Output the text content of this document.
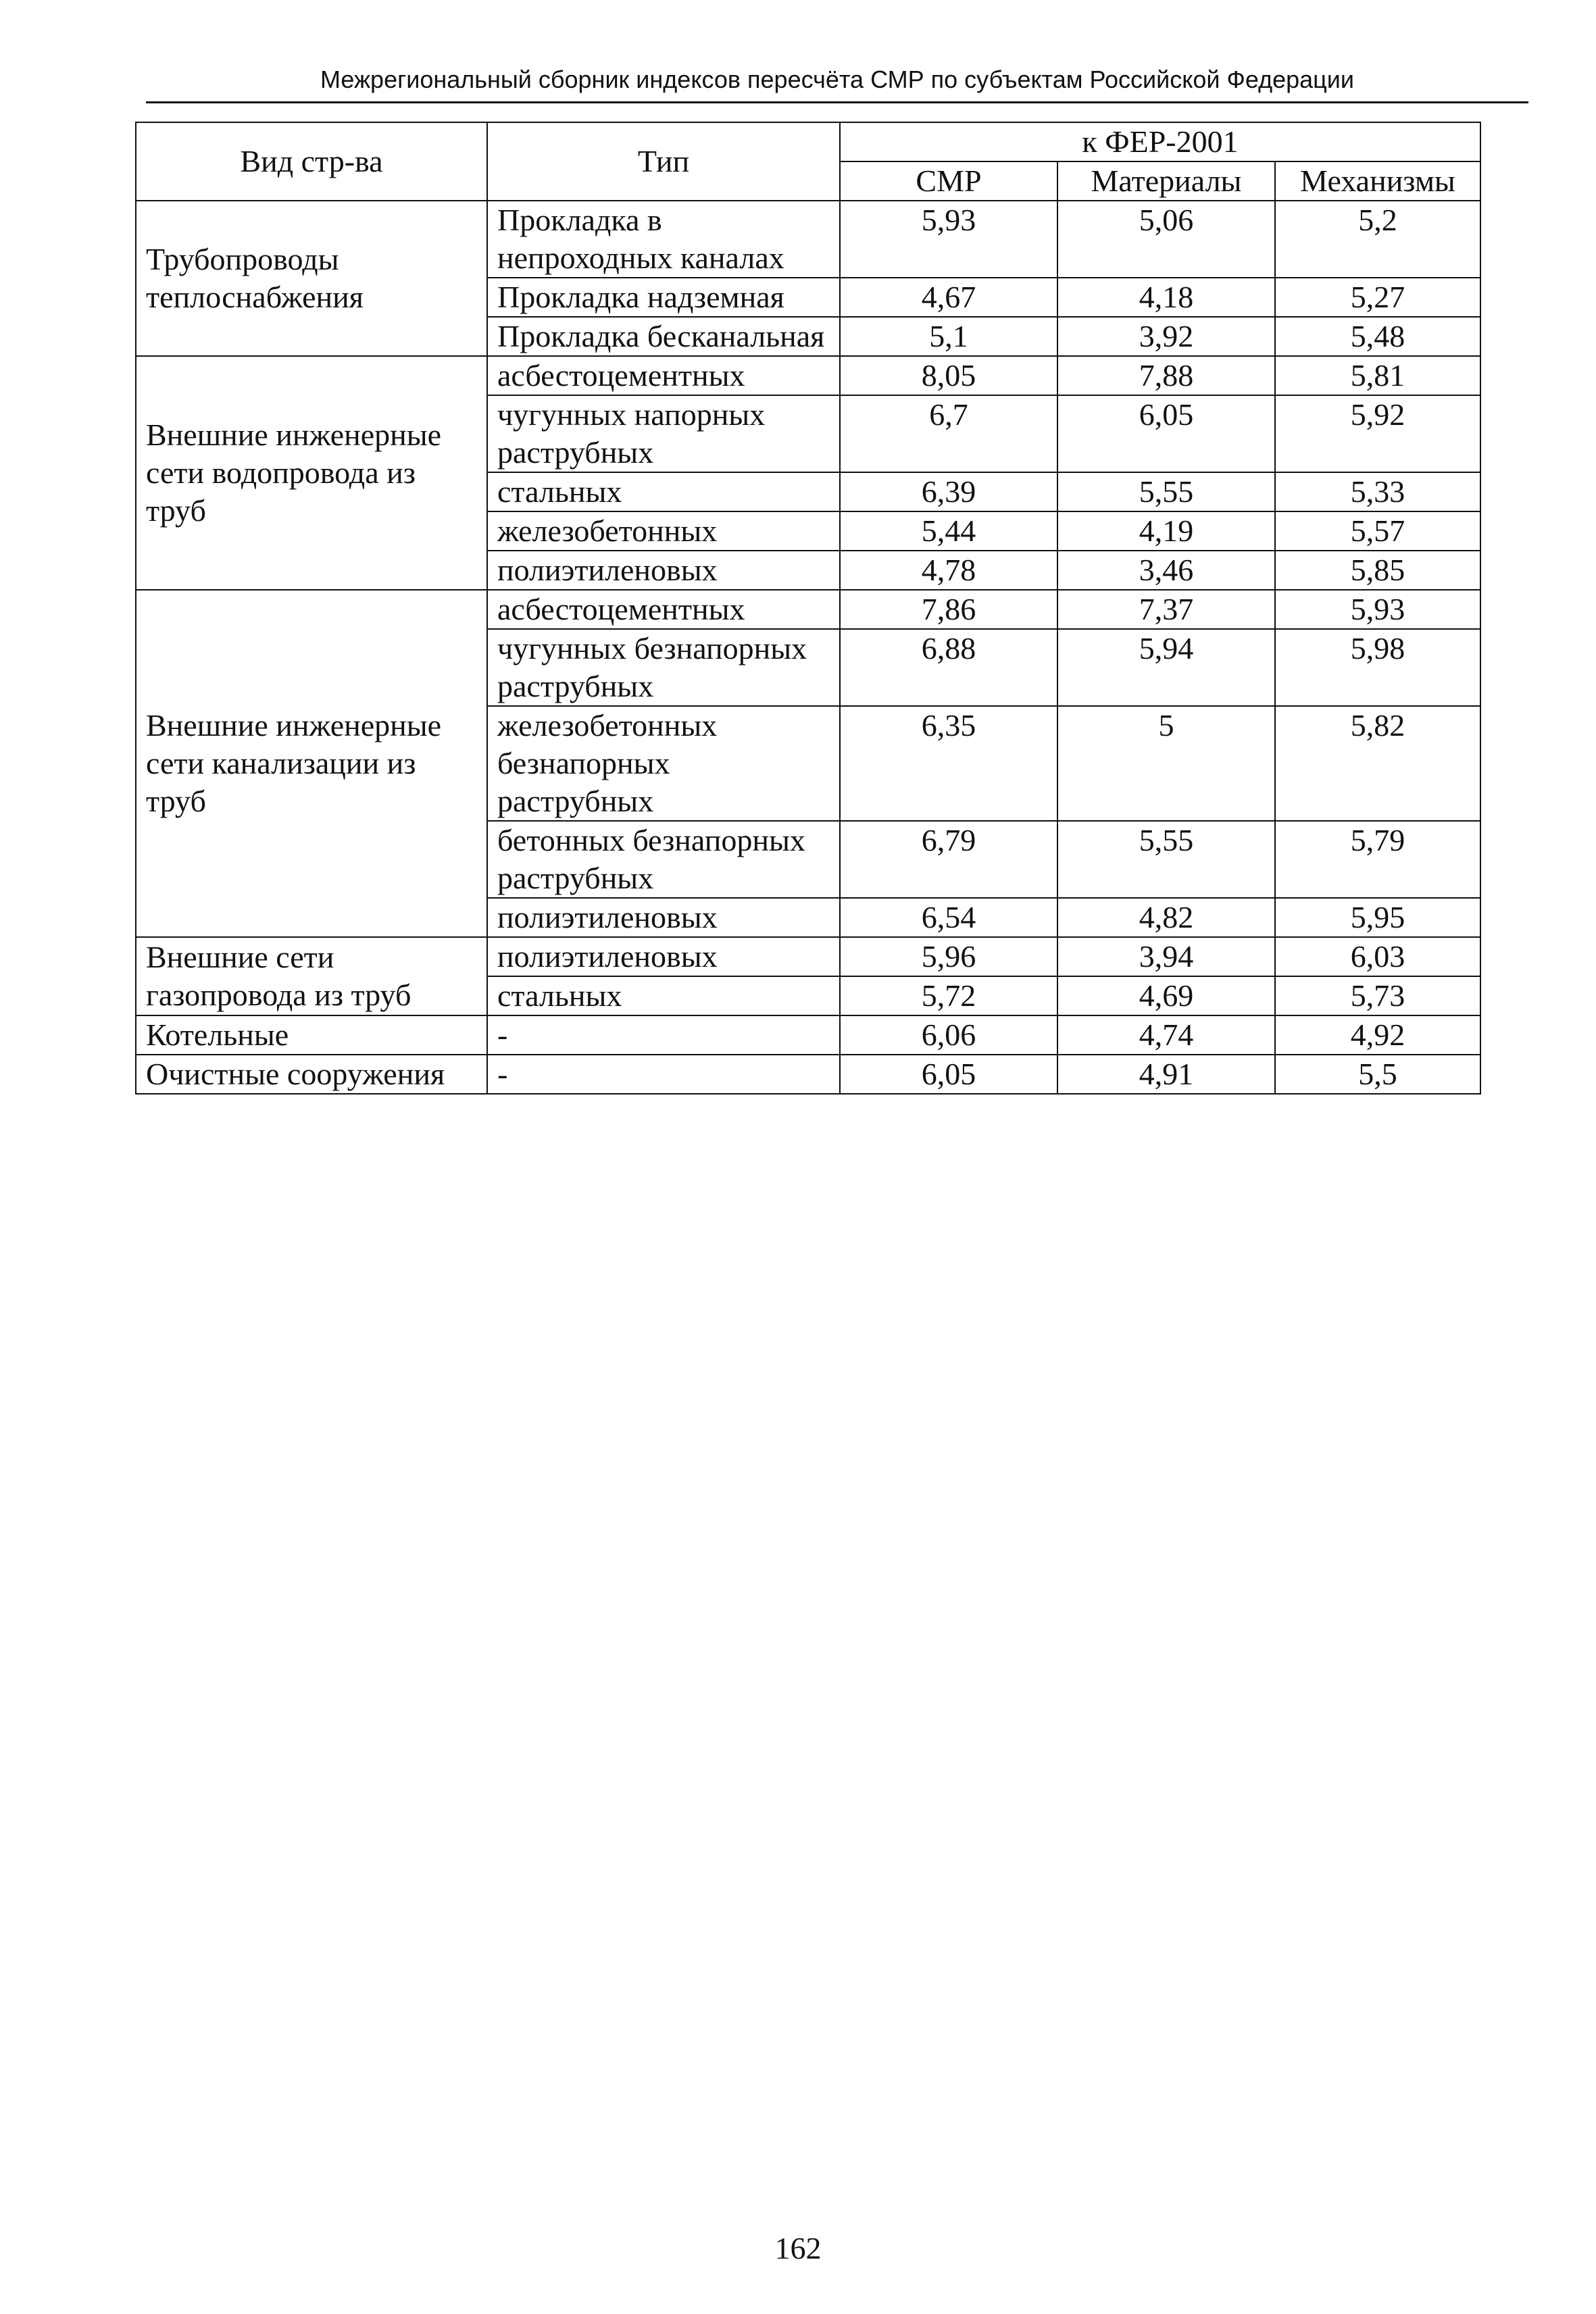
Межрегиональный сборник индексов пересчёта СМР по субъектам Российской Федерации
Вид стр-ва	Тип	к ФЕР-2001		
		СМР	Материалы	Механизмы
Трубопроводы теплоснабжения	Прокладка в непроходных каналах	5,93	5,06	5,2
	Прокладка надземная	4,67	4,18	5,27
	Прокладка бесканальная	5,1	3,92	5,48
Внешние инженерные сети водопровода из труб	асбестоцементных	8,05	7,88	5,81
	чугунных напорных раструбных	6,7	6,05	5,92
	стальных	6,39	5,55	5,33
	железобетонных	5,44	4,19	5,57
	полиэтиленовых	4,78	3,46	5,85
Внешние инженерные сети канализации из труб	асбестоцементных	7,86	7,37	5,93
	чугунных безнапорных раструбных	6,88	5,94	5,98
	железобетонных безнапорных раструбных	6,35	5	5,82
	бетонных безнапорных раструбных	6,79	5,55	5,79
	полиэтиленовых	6,54	4,82	5,95
Внешние сети газопровода из труб	полиэтиленовых	5,96	3,94	6,03
	стальных	5,72	4,69	5,73
Котельные	-	6,06	4,74	4,92
Очистные сооружения	-	6,05	4,91	5,5
162
